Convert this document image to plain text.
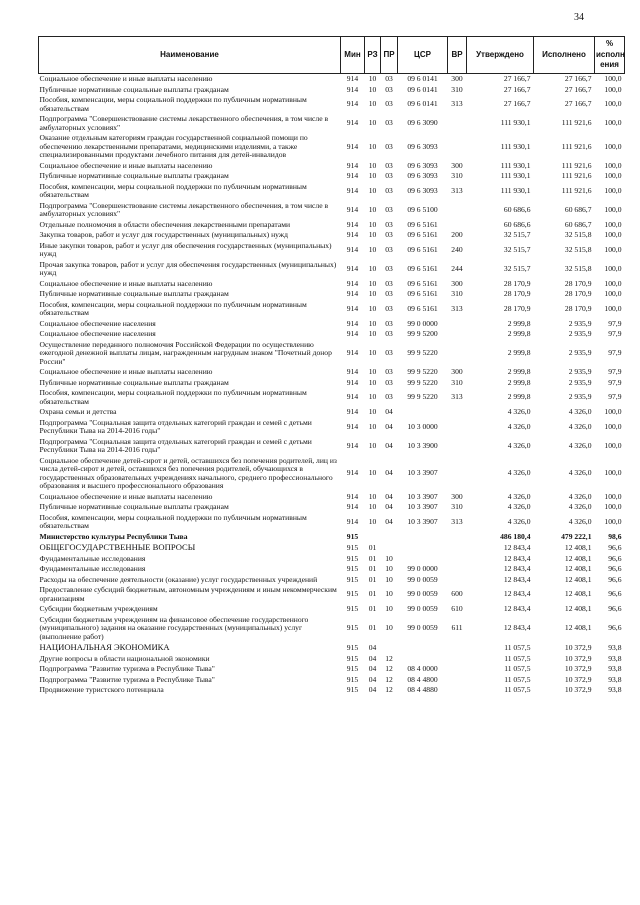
34
Наименование	Мин	РЗ	ПР	ЦСР	ВР	Утверждено	Исполнено	% исполн ения
Социальное обеспечение и иные выплаты населению	914	10	03	09 6 0141	300	27 166,7	27 166,7	100,0
Публичные нормативные социальные выплаты гражданам	914	10	03	09 6 0141	310	27 166,7	27 166,7	100,0
Пособия, компенсации, меры социальной поддержки по публичным нормативным обязательствам	914	10	03	09 6 0141	313	27 166,7	27 166,7	100,0
Подпрограмма "Совершенствование системы лекарственного обеспечения, в том числе в амбулаторных условиях"	914	10	03	09 6 3090		111 930,1	111 921,6	100,0
Оказание отдельным категориям граждан государственной социальной помощи по обеспечению лекарственными препаратами, медицинскими изделиями, а также специализированными продуктами лечебного питания для детей-инвалидов	914	10	03	09 6 3093		111 930,1	111 921,6	100,0
Социальное обеспечение и иные выплаты населению	914	10	03	09 6 3093	300	111 930,1	111 921,6	100,0
Публичные нормативные социальные выплаты гражданам	914	10	03	09 6 3093	310	111 930,1	111 921,6	100,0
Пособия, компенсации, меры социальной поддержки по публичным нормативным обязательствам	914	10	03	09 6 3093	313	111 930,1	111 921,6	100,0
Подпрограмма "Совершенствование системы лекарственного обеспечения, в том числе в амбулаторных условиях"	914	10	03	09 6 5100		60 686,6	60 686,7	100,0
Отдельные полномочия в области обеспечения лекарственными препаратами	914	10	03	09 6 5161		60 686,6	60 686,7	100,0
Закупка товаров, работ и услуг для государственных (муниципальных) нужд	914	10	03	09 6 5161	200	32 515,7	32 515,8	100,0
Иные закупки товаров, работ и услуг для обеспечения государственных (муниципальных) нужд	914	10	03	09 6 5161	240	32 515,7	32 515,8	100,0
Прочая закупка товаров, работ и услуг для обеспечения государственных (муниципальных) нужд	914	10	03	09 6 5161	244	32 515,7	32 515,8	100,0
Социальное обеспечение и иные выплаты населению	914	10	03	09 6 5161	300	28 170,9	28 170,9	100,0
Публичные нормативные социальные выплаты гражданам	914	10	03	09 6 5161	310	28 170,9	28 170,9	100,0
Пособия, компенсации, меры социальной поддержки по публичным нормативным обязательствам	914	10	03	09 6 5161	313	28 170,9	28 170,9	100,0
Социальное обеспечение населения	914	10	03	99 0 0000		2 999,8	2 935,9	97,9
Социальное обеспечение населения	914	10	03	99 9 5200		2 999,8	2 935,9	97,9
Осуществление переданного полномочия Российской Федерации по осуществлению ежегодной денежной выплаты лицам, награжденным нагрудным знаком "Почетный донор России"	914	10	03	99 9 5220		2 999,8	2 935,9	97,9
Социальное обеспечение и иные выплаты населению	914	10	03	99 9 5220	300	2 999,8	2 935,9	97,9
Публичные нормативные социальные выплаты гражданам	914	10	03	99 9 5220	310	2 999,8	2 935,9	97,9
Пособия, компенсации, меры социальной поддержки по публичным нормативным обязательствам	914	10	03	99 9 5220	313	2 999,8	2 935,9	97,9
Охрана семьи и детства	914	10	04			4 326,0	4 326,0	100,0
Подпрограмма "Социальная защита отдельных категорий граждан и семей с детьми Республики Тыва на 2014-2016 годы"	914	10	04	10 3 0000		4 326,0	4 326,0	100,0
Подпрограмма "Социальная защита отдельных категорий граждан и семей с детьми Республики Тыва на 2014-2016 годы"	914	10	04	10 3 3900		4 326,0	4 326,0	100,0
Социальное обеспечение детей-сирот и детей, оставшихся без попечения родителей, лиц из числа детей-сирот и детей, оставшихся без попечения родителей, обучающихся в государственных образовательных учреждениях начального, среднего профессионального образования и высшего профессионального образования	914	10	04	10 3 3907		4 326,0	4 326,0	100,0
Социальное обеспечение и иные выплаты населению	914	10	04	10 3 3907	300	4 326,0	4 326,0	100,0
Публичные нормативные социальные выплаты гражданам	914	10	04	10 3 3907	310	4 326,0	4 326,0	100,0
Пособия, компенсации, меры социальной поддержки по публичным нормативным обязательствам	914	10	04	10 3 3907	313	4 326,0	4 326,0	100,0
Министерство культуры Республики Тыва	915					486 180,4	479 222,1	98,6
ОБЩЕГОСУДАРСТВЕННЫЕ ВОПРОСЫ	915	01				12 843,4	12 408,1	96,6
Фундаментальные исследования	915	01	10			12 843,4	12 408,1	96,6
Фундаментальные исследования	915	01	10	99 0 0000		12 843,4	12 408,1	96,6
Расходы на обеспечение деятельности (оказание) услуг государственных учреждений	915	01	10	99 0 0059		12 843,4	12 408,1	96,6
Предоставление субсидий бюджетным, автономным учреждениям и иным некоммерческим организациям	915	01	10	99 0 0059	600	12 843,4	12 408,1	96,6
Субсидии бюджетным учреждениям	915	01	10	99 0 0059	610	12 843,4	12 408,1	96,6
Субсидии бюджетным учреждениям на финансовое обеспечение государственного (муниципального) задания на оказание государственных (муниципальных) услуг (выполнение работ)	915	01	10	99 0 0059	611	12 843,4	12 408,1	96,6
НАЦИОНАЛЬНАЯ ЭКОНОМИКА	915	04				11 057,5	10 372,9	93,8
Другие вопросы в области национальной экономики	915	04	12			11 057,5	10 372,9	93,8
Подпрограмма "Развитие туризма в Республике Тыва"	915	04	12	08 4 0000		11 057,5	10 372,9	93,8
Подпрограмма "Развитие туризма в Республике Тыва"	915	04	12	08 4 4800		11 057,5	10 372,9	93,8
Продвижение туристского потенциала	915	04	12	08 4 4880		11 057,5	10 372,9	93,8
